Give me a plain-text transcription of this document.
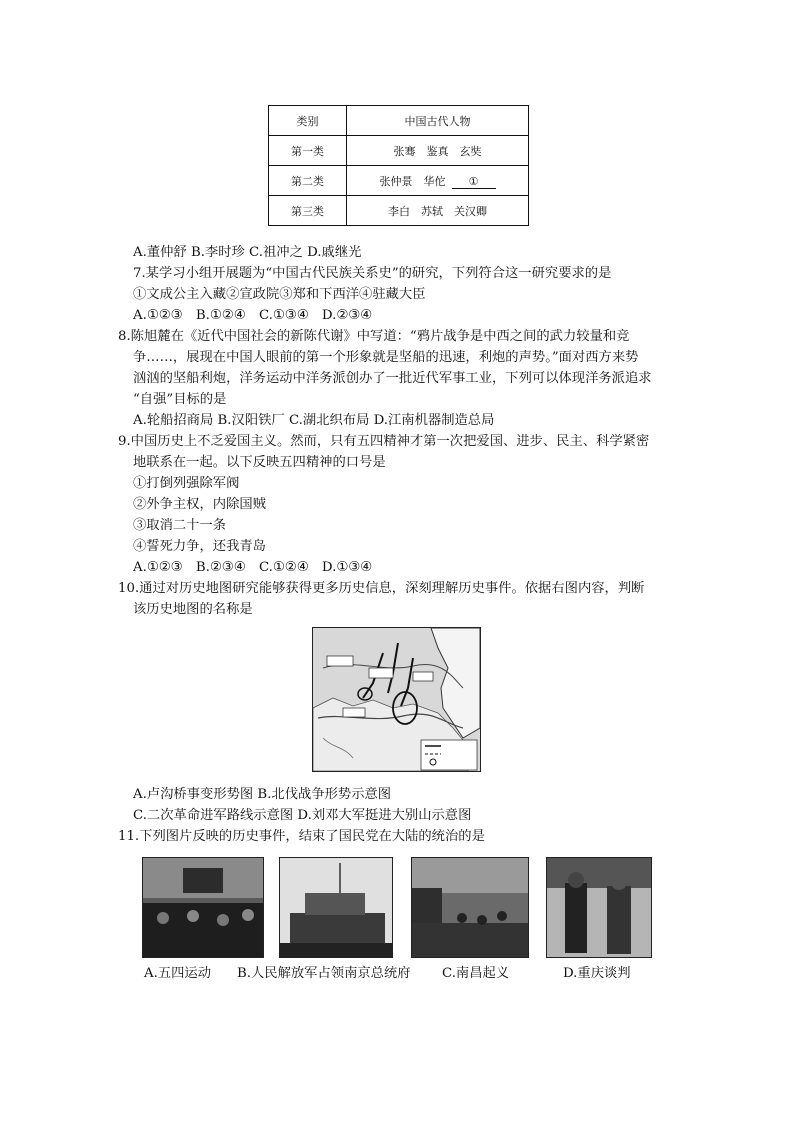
类别	中国古代人物
第一类	张骞　鉴真　玄奘
第二类	张仲景　华佗 ①
第三类	李白　苏轼　关汉卿
A.董仲舒 B.李时珍 C.祖冲之 D.戚继光
7.某学习小组开展题为“中国古代民族关系史”的研究，下列符合这一研究要求的是
①文成公主入藏②宣政院③郑和下西洋④驻藏大臣
A.①②③　B.①②④　C.①③④　D.②③④
8.陈旭麓在《近代中国社会的新陈代谢》中写道：“鸦片战争是中西之间的武力较量和竞
争……，展现在中国人眼前的第一个形象就是坚船的迅速，利炮的声势。”面对西方来势
汹汹的坚船利炮，洋务运动中洋务派创办了一批近代军事工业，下列可以体现洋务派追求
“自强”目标的是
A.轮船招商局 B.汉阳铁厂 C.湖北织布局 D.江南机器制造总局
9.中国历史上不乏爱国主义。然而，只有五四精神才第一次把爱国、进步、民主、科学紧密
地联系在一起。以下反映五四精神的口号是
①打倒列强除军阀
②外争主权，内除国贼
③取消二十一条
④誓死力争，还我青岛
A.①②③　B.②③④　C.①②④　D.①③④
10.通过对历史地图研究能够获得更多历史信息，深刻理解历史事件。依据右图内容，判断
该历史地图的名称是
A.卢沟桥事变形势图 B.北伐战争形势示意图
C.二次革命进军路线示意图 D.刘邓大军挺进大别山示意图
11.下列图片反映的历史事件，结束了国民党在大陆的统治的是
A.五四运动 B.人民解放军占领南京总统府 C.南昌起义	D.重庆谈判
